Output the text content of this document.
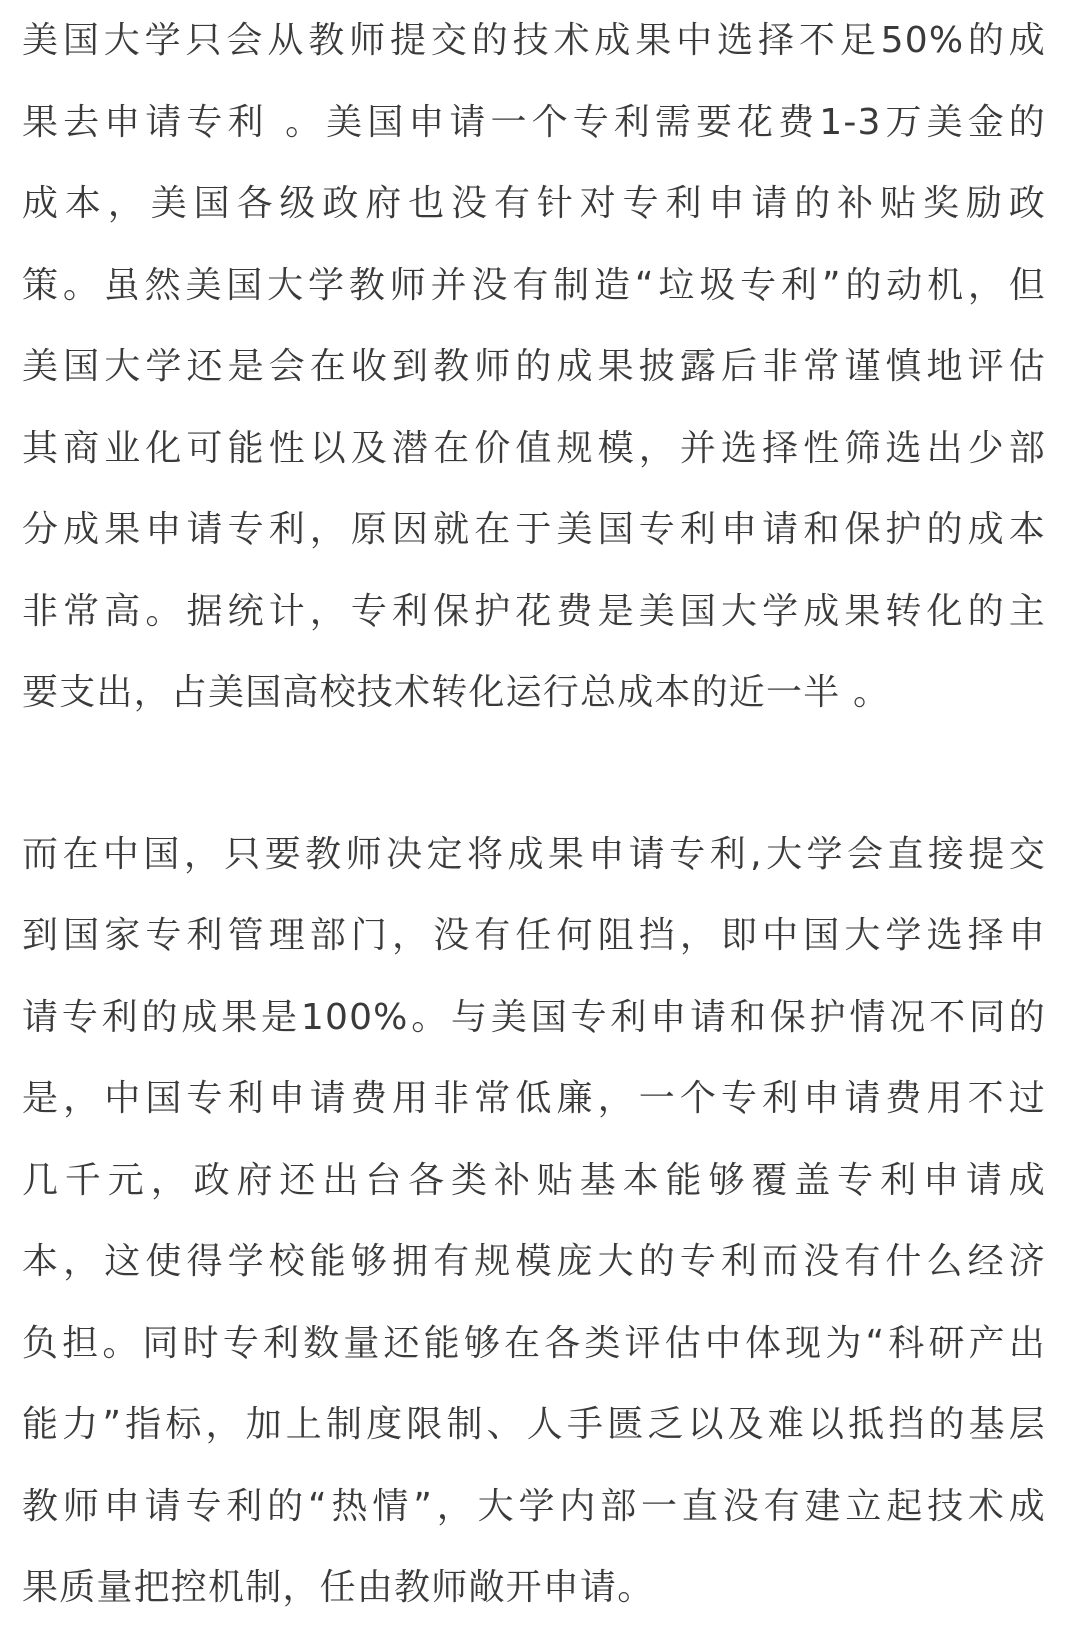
美国大学只会从教师提交的技术成果中选择不足50%的成
果去申请专利 。美国申请一个专利需要花费1-3万美金的
成本，美国各级政府也没有针对专利申请的补贴奖励政
策。虽然美国大学教师并没有制造“垃圾专利”的动机，但
美国大学还是会在收到教师的成果披露后非常谨慎地评估
其商业化可能性以及潜在价值规模，并选择性筛选出少部
分成果申请专利，原因就在于美国专利申请和保护的成本
非常高。据统计，专利保护花费是美国大学成果转化的主
要支出，占美国高校技术转化运行总成本的近一半 。

而在中国，只要教师决定将成果申请专利,大学会直接提交
到国家专利管理部门，没有任何阻挡，即中国大学选择申
请专利的成果是100%。与美国专利申请和保护情况不同的
是，中国专利申请费用非常低廉，一个专利申请费用不过
几千元，政府还出台各类补贴基本能够覆盖专利申请成
本，这使得学校能够拥有规模庞大的专利而没有什么经济
负担。同时专利数量还能够在各类评估中体现为“科研产出
能力”指标，加上制度限制、人手匮乏以及难以抵挡的基层
教师申请专利的“热情”，大学内部一直没有建立起技术成
果质量把控机制，任由教师敞开申请。
